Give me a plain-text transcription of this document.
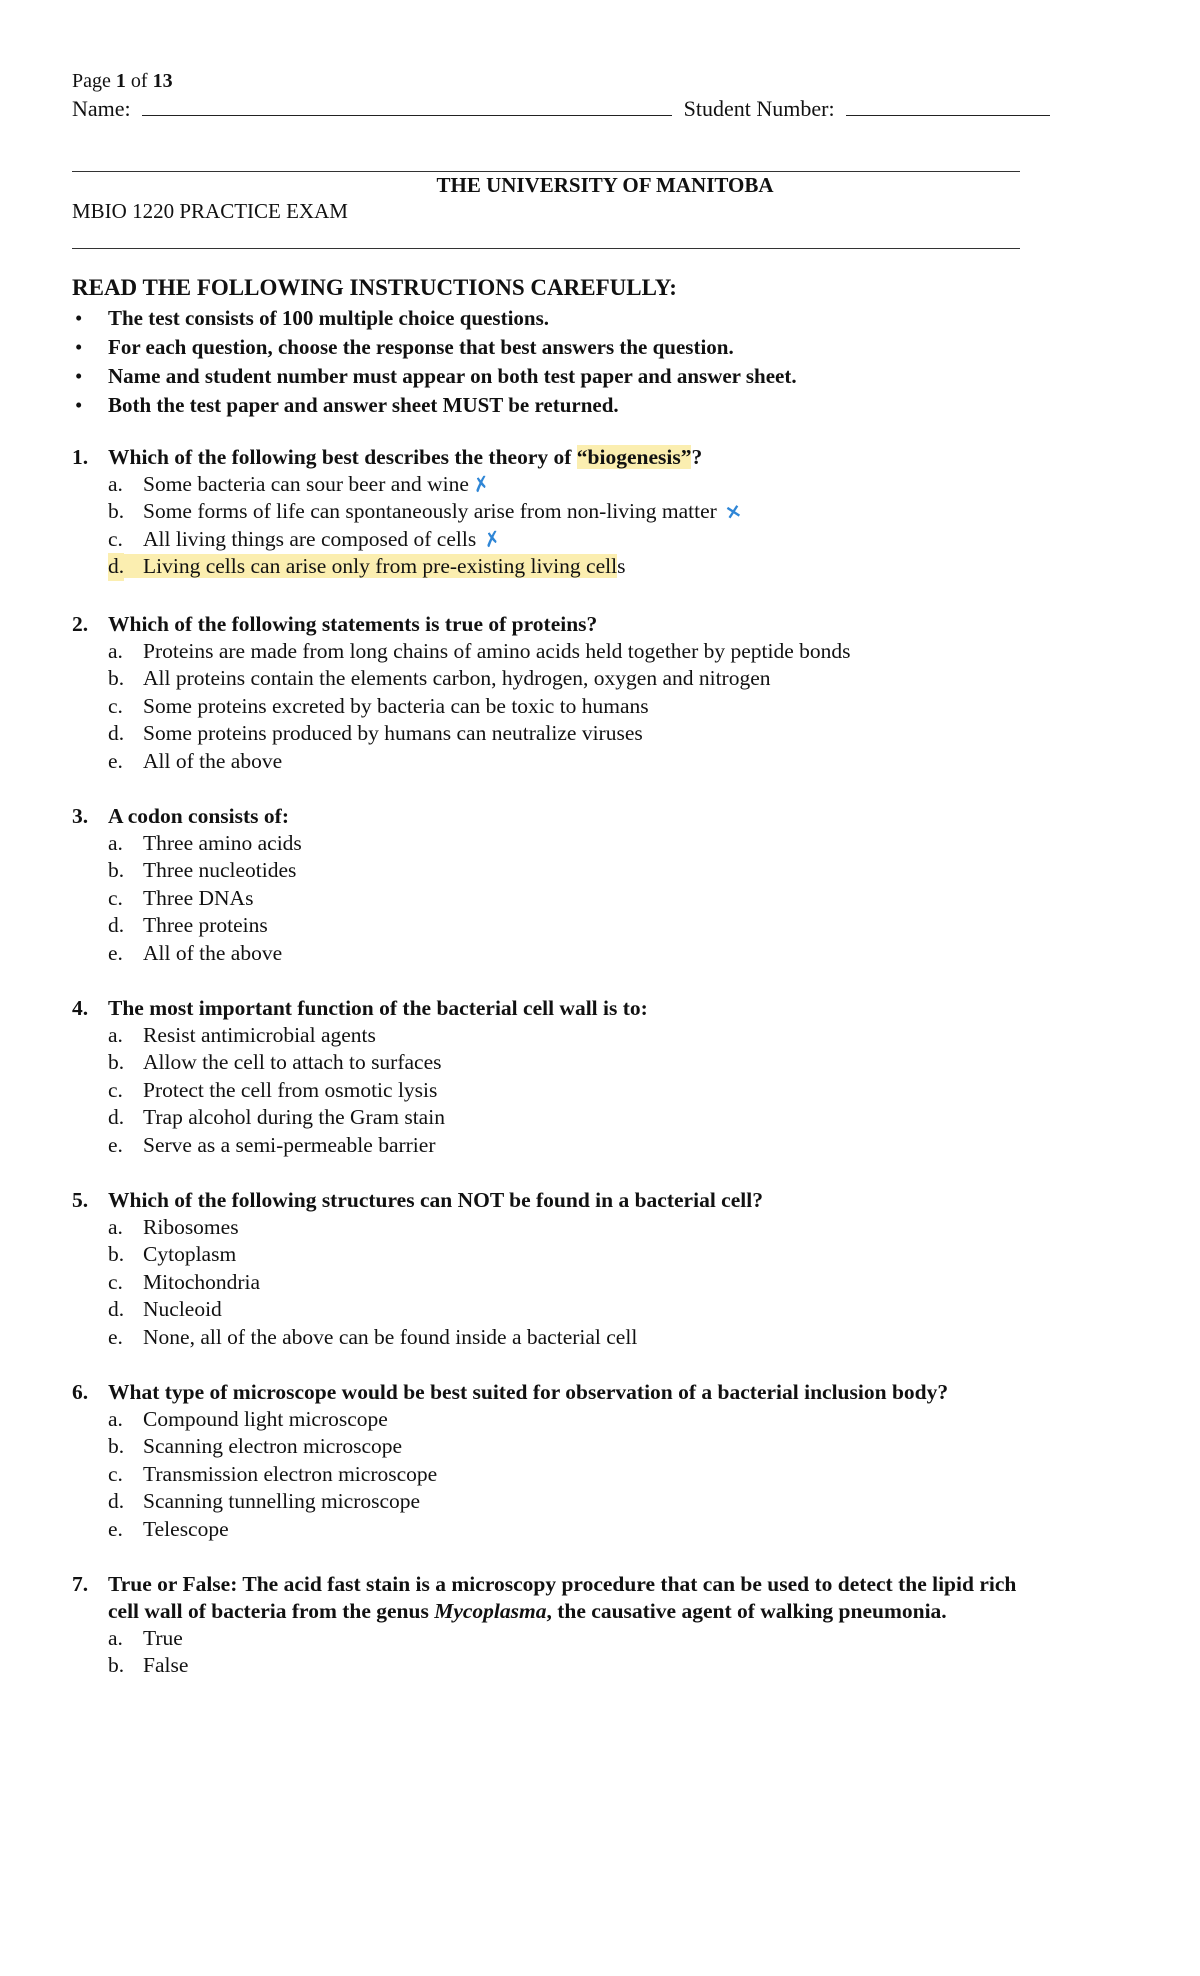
Page 1 of 13
Name:	Student Number:
THE UNIVERSITY OF MANITOBA
MBIO 1220 PRACTICE EXAM
READ THE FOLLOWING INSTRUCTIONS CAREFULLY:
• The test consists of 100 multiple choice questions.
• For each question, choose the response that best answers the question.
• Name and student number must appear on both test paper and answer sheet.
• Both the test paper and answer sheet MUST be returned.
1. Which of the following best describes the theory of “biogenesis”?
a. Some bacteria can sour beer and wine✗
b. Some forms of life can spontaneously arise from non-living matter ×
c. All living things are composed of cells ✗
d. Living cells can arise only from pre-existing living cells
2. Which of the following statements is true of proteins?
a. Proteins are made from long chains of amino acids held together by peptide bonds
b. All proteins contain the elements carbon, hydrogen, oxygen and nitrogen
c. Some proteins excreted by bacteria can be toxic to humans
d. Some proteins produced by humans can neutralize viruses
e. All of the above
3. A codon consists of:
a. Three amino acids
b. Three nucleotides
c. Three DNAs
d. Three proteins
e. All of the above
4. The most important function of the bacterial cell wall is to:
a. Resist antimicrobial agents
b. Allow the cell to attach to surfaces
c. Protect the cell from osmotic lysis
d. Trap alcohol during the Gram stain
e. Serve as a semi-permeable barrier
5. Which of the following structures can NOT be found in a bacterial cell?
a. Ribosomes
b. Cytoplasm
c. Mitochondria
d. Nucleoid
e. None, all of the above can be found inside a bacterial cell
6. What type of microscope would be best suited for observation of a bacterial inclusion body?
a. Compound light microscope
b. Scanning electron microscope
c. Transmission electron microscope
d. Scanning tunnelling microscope
e. Telescope
7. True or False: The acid fast stain is a microscopy procedure that can be used to detect the lipid rich
cell wall of bacteria from the genus Mycoplasma, the causative agent of walking pneumonia.
a. True
b. False
